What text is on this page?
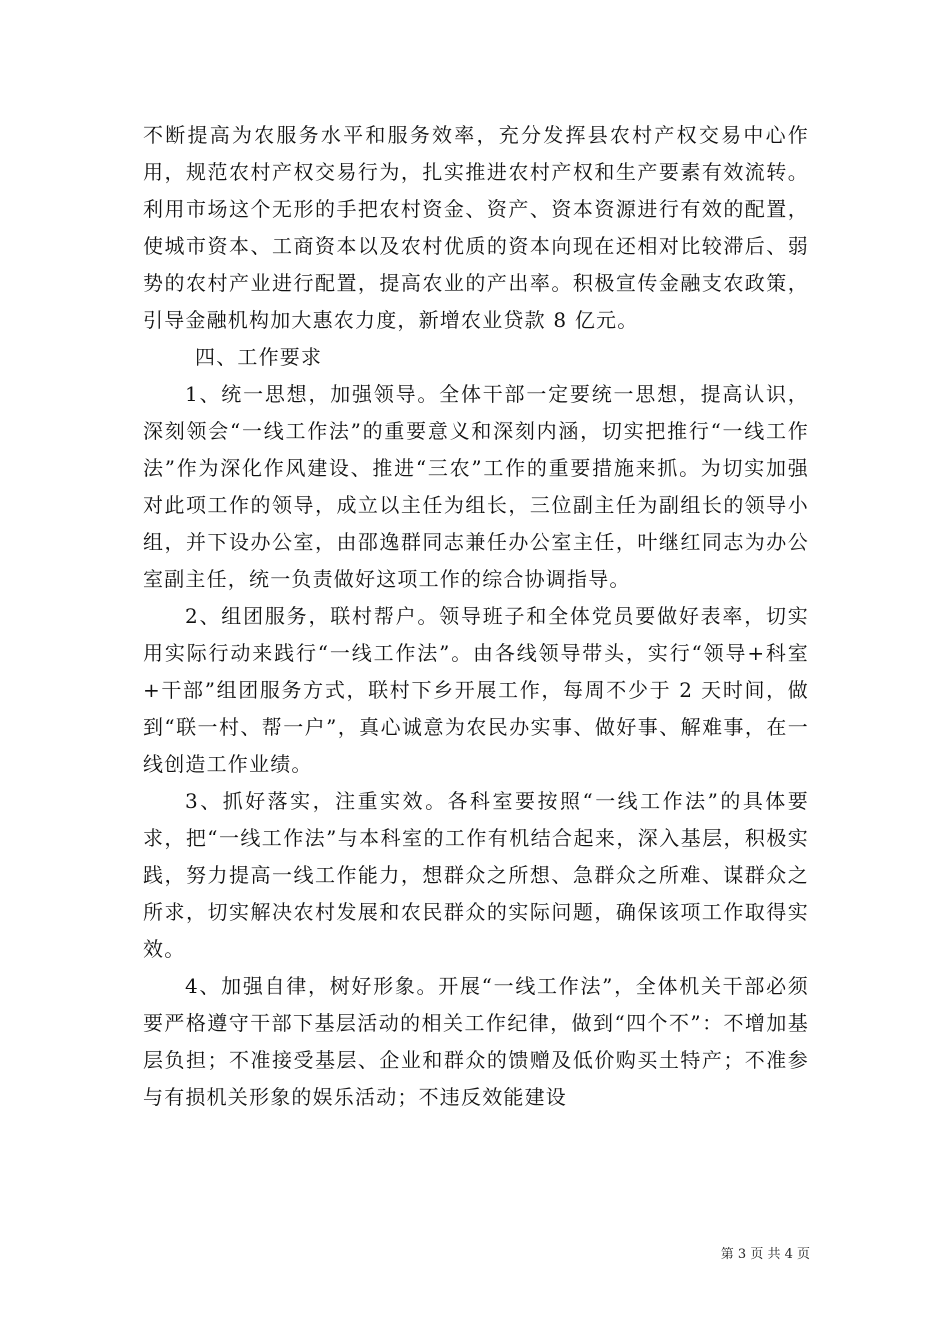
不断提高为农服务水平和服务效率，充分发挥县农村产权交易中心作用，规范农村产权交易行为，扎实推进农村产权和生产要素有效流转。利用市场这个无形的手把农村资金、资产、资本资源进行有效的配置，使城市资本、工商资本以及农村优质的资本向现在还相对比较滞后、弱势的农村产业进行配置，提高农业的产出率。积极宣传金融支农政策，引导金融机构加大惠农力度，新增农业贷款 8 亿元。

四、工作要求

1、统一思想，加强领导。全体干部一定要统一思想，提高认识，深刻领会“一线工作法”的重要意义和深刻内涵，切实把推行“一线工作法”作为深化作风建设、推进“三农”工作的重要措施来抓。为切实加强对此项工作的领导，成立以主任为组长，三位副主任为副组长的领导小组，并下设办公室，由邵逸群同志兼任办公室主任，叶继红同志为办公室副主任，统一负责做好这项工作的综合协调指导。

2、组团服务，联村帮户。领导班子和全体党员要做好表率，切实用实际行动来践行“一线工作法”。由各线领导带头，实行“领导+科室+干部”组团服务方式，联村下乡开展工作，每周不少于 2 天时间，做到“联一村、帮一户”，真心诚意为农民办实事、做好事、解难事，在一线创造工作业绩。

3、抓好落实，注重实效。各科室要按照“一线工作法”的具体要求，把“一线工作法”与本科室的工作有机结合起来，深入基层，积极实践，努力提高一线工作能力，想群众之所想、急群众之所难、谋群众之所求，切实解决农村发展和农民群众的实际问题，确保该项工作取得实效。

4、加强自律，树好形象。开展“一线工作法”，全体机关干部必须要严格遵守干部下基层活动的相关工作纪律，做到“四个不”：不增加基层负担；不准接受基层、企业和群众的馈赠及低价购买土特产；不准参与有损机关形象的娱乐活动；不违反效能建设

第 3 页 共 4 页
